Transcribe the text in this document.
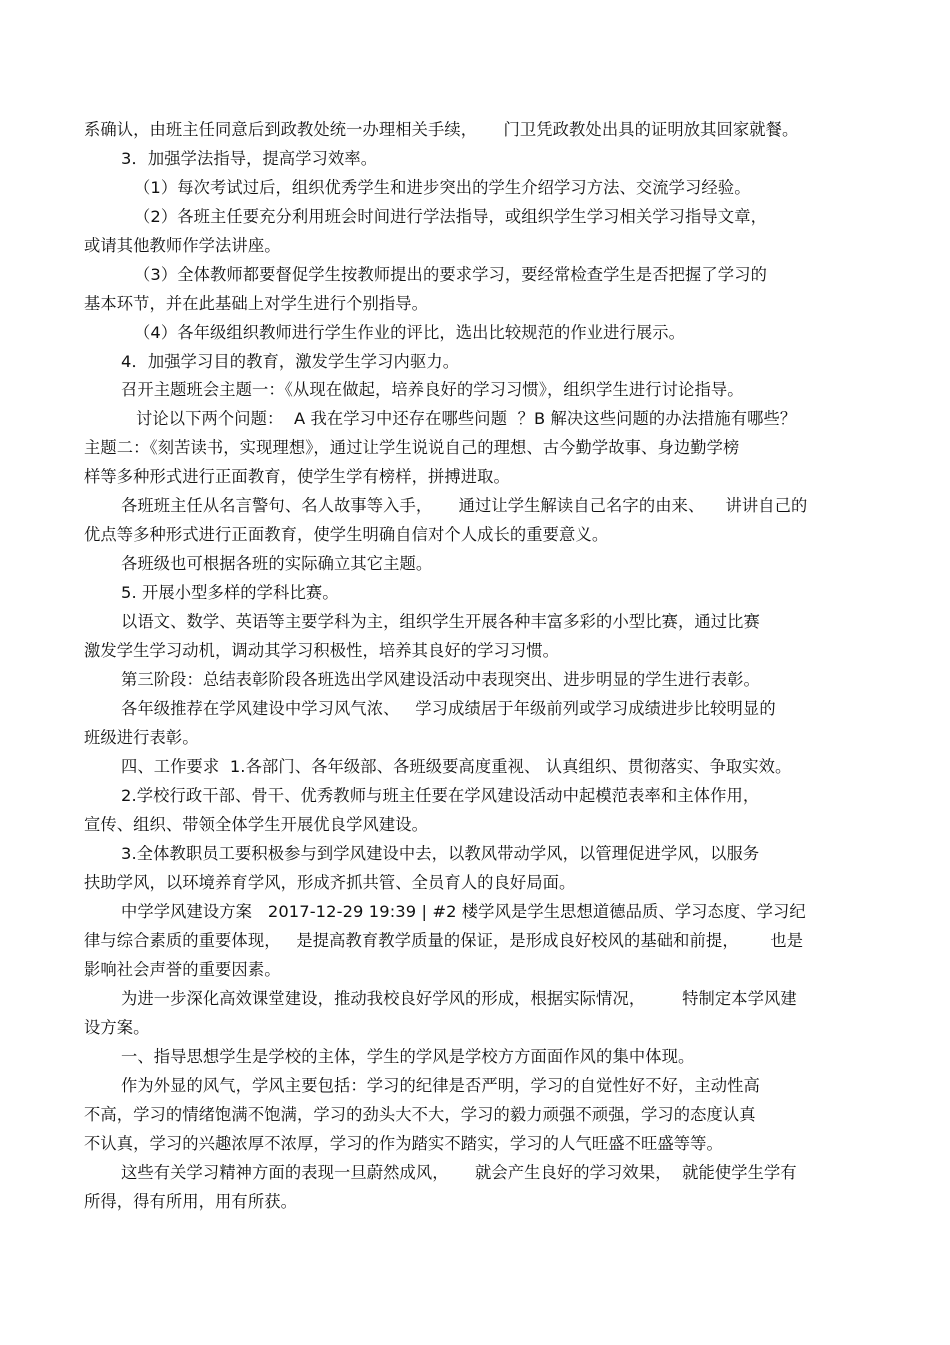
系确认，由班主任同意后到政教处统一办理相关手续，     门卫凭政教处出具的证明放其回家就餐。
3．加强学法指导，提高学习效率。
（1）每次考试过后，组织优秀学生和进步突出的学生介绍学习方法、交流学习经验。
（2）各班主任要充分利用班会时间进行学法指导，或组织学生学习相关学习指导文章，
或请其他教师作学法讲座。
（3）全体教师都要督促学生按教师提出的要求学习，要经常检查学生是否把握了学习的
基本环节，并在此基础上对学生进行个别指导。
（4）各年级组织教师进行学生作业的评比，选出比较规范的作业进行展示。
4．加强学习目的教育，激发学生学习内驱力。
召开主题班会主题一：《从现在做起，培养良好的学习习惯》，组织学生进行讨论指导。
讨论以下两个问题：  A 我在学习中还存在哪些问题  ？B 解决这些问题的办法措施有哪些？
主题二：《刻苦读书，实现理想》，通过让学生说说自己的理想、古今勤学故事、身边勤学榜
样等多种形式进行正面教育，使学生学有榜样，拼搏进取。
各班班主任从名言警句、名人故事等入手，     通过让学生解读自己名字的由来、    讲讲自己的
优点等多种形式进行正面教育，使学生明确自信对个人成长的重要意义。
各班级也可根据各班的实际确立其它主题。
5. 开展小型多样的学科比赛。
以语文、数学、英语等主要学科为主，组织学生开展各种丰富多彩的小型比赛，通过比赛
激发学生学习动机，调动其学习积极性，培养其良好的学习习惯。
第三阶段：总结表彰阶段各班选出学风建设活动中表现突出、进步明显的学生进行表彰。
各年级推荐在学风建设中学习风气浓、   学习成绩居于年级前列或学习成绩进步比较明显的
班级进行表彰。
四、工作要求  1.各部门、各年级部、各班级要高度重视、 认真组织、贯彻落实、争取实效。
2.学校行政干部、骨干、优秀教师与班主任要在学风建设活动中起模范表率和主体作用，
宣传、组织、带领全体学生开展优良学风建设。
3.全体教职员工要积极参与到学风建设中去，以教风带动学风，以管理促进学风，以服务
扶助学风，以环境养育学风，形成齐抓共管、全员育人的良好局面。
中学学风建设方案   2017-12-29 19:39 | #2 楼学风是学生思想道德品质、学习态度、学习纪
律与综合素质的重要体现，   是提高教育教学质量的保证，是形成良好校风的基础和前提，      也是
影响社会声誉的重要因素。
为进一步深化高效课堂建设，推动我校良好学风的形成，根据实际情况，       特制定本学风建
设方案。
一、指导思想学生是学校的主体，学生的学风是学校方方面面作风的集中体现。
作为外显的风气，学风主要包括：学习的纪律是否严明，学习的自觉性好不好，主动性高
不高，学习的情绪饱满不饱满，学习的劲头大不大，学习的毅力顽强不顽强，学习的态度认真
不认真，学习的兴趣浓厚不浓厚，学习的作为踏实不踏实，学习的人气旺盛不旺盛等等。
这些有关学习精神方面的表现一旦蔚然成风，     就会产生良好的学习效果，  就能使学生学有
所得，得有所用，用有所获。
